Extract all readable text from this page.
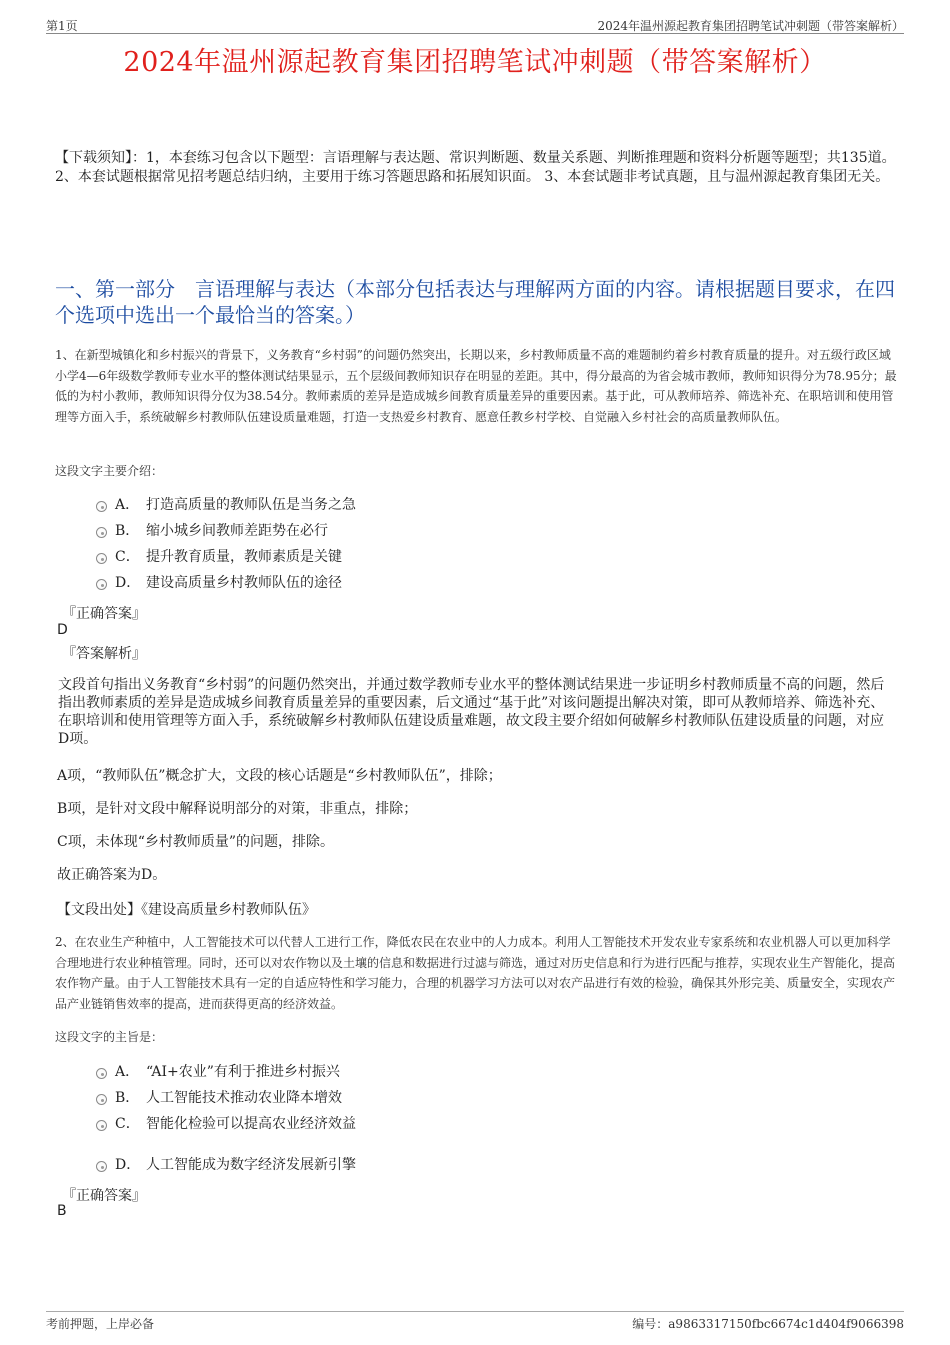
第1页	2024年温州源起教育集团招聘笔试冲刺题（带答案解析）
2024年温州源起教育集团招聘笔试冲刺题（带答案解析）
【下载须知】：1，本套练习包含以下题型：言语理解与表达题、常识判断题、数量关系题、判断推理题和资料分析题等题型；共135道。 2、本套试题根据常见招考题总结归纳，主要用于练习答题思路和拓展知识面。 3、本套试题非考试真题，且与温州源起教育集团无关。
一、第一部分　言语理解与表达（本部分包括表达与理解两方面的内容。请根据题目要求，在四个选项中选出一个最恰当的答案。）
1、在新型城镇化和乡村振兴的背景下，义务教育“乡村弱”的问题仍然突出，长期以来，乡村教师质量不高的难题制约着乡村教育质量的提升。对五级行政区域小学4—6年级数学教师专业水平的整体测试结果显示，五个层级间教师知识存在明显的差距。其中，得分最高的为省会城市教师，教师知识得分为78.95分；最低的为村小教师，教师知识得分仅为38.54分。教师素质的差异是造成城乡间教育质量差异的重要因素。基于此，可从教师培养、筛选补充、在职培训和使用管理等方面入手，系统破解乡村教师队伍建设质量难题，打造一支热爱乡村教育、愿意任教乡村学校、自觉融入乡村社会的高质量教师队伍。
这段文字主要介绍：
A． 打造高质量的教师队伍是当务之急
B． 缩小城乡间教师差距势在必行
C． 提升教育质量，教师素质是关键
D． 建设高质量乡村教师队伍的途径
『正确答案』
D
『答案解析』
文段首句指出义务教育“乡村弱”的问题仍然突出，并通过数学教师专业水平的整体测试结果进一步证明乡村教师质量不高的问题，然后指出教师素质的差异是造成城乡间教育质量差异的重要因素，后文通过“基于此”对该问题提出解决对策，即可从教师培养、筛选补充、在职培训和使用管理等方面入手，系统破解乡村教师队伍建设质量难题，故文段主要介绍如何破解乡村教师队伍建设质量的问题，对应D项。
A项，“教师队伍”概念扩大，文段的核心话题是“乡村教师队伍”，排除；
B项，是针对文段中解释说明部分的对策，非重点，排除；
C项，未体现“乡村教师质量”的问题，排除。
故正确答案为D。
【文段出处】《建设高质量乡村教师队伍》
2、在农业生产种植中，人工智能技术可以代替人工进行工作，降低农民在农业中的人力成本。利用人工智能技术开发农业专家系统和农业机器人可以更加科学合理地进行农业种植管理。同时，还可以对农作物以及土壤的信息和数据进行过滤与筛选，通过对历史信息和行为进行匹配与推荐，实现农业生产智能化，提高农作物产量。由于人工智能技术具有一定的自适应特性和学习能力，合理的机器学习方法可以对农产品进行有效的检验，确保其外形完美、质量安全，实现农产品产业链销售效率的提高，进而获得更高的经济效益。
这段文字的主旨是：
A． “AI+农业”有利于推进乡村振兴
B． 人工智能技术推动农业降本增效
C． 智能化检验可以提高农业经济效益
D． 人工智能成为数字经济发展新引擎
『正确答案』
B
考前押题，上岸必备	编号：a9863317150fbc6674c1d404f9066398
